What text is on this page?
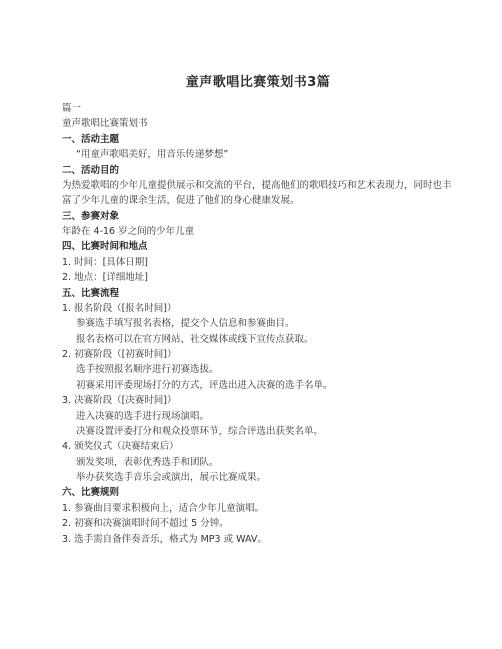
童声歌唱比赛策划书3篇
篇一
童声歌唱比赛策划书
一、活动主题
“用童声歌唱美好，用音乐传递梦想”
二、活动目的
为热爱歌唱的少年儿童提供展示和交流的平台，提高他们的歌唱技巧和艺术表现力，同时也丰富了少年儿童的课余生活，促进了他们的身心健康发展。
三、参赛对象
年龄在 4-16 岁之间的少年儿童
四、比赛时间和地点
1. 时间：[具体日期]
2. 地点：[详细地址]
五、比赛流程
1. 报名阶段（[报名时间]）
参赛选手填写报名表格，提交个人信息和参赛曲目。
报名表格可以在官方网站、社交媒体或线下宣传点获取。
2. 初赛阶段（[初赛时间]）
选手按照报名顺序进行初赛选拔。
初赛采用评委现场打分的方式，评选出进入决赛的选手名单。
3. 决赛阶段（[决赛时间]）
进入决赛的选手进行现场演唱。
决赛设置评委打分和观众投票环节，综合评选出获奖名单。
4. 颁奖仪式（决赛结束后）
颁发奖项，表彰优秀选手和团队。
举办获奖选手音乐会或演出，展示比赛成果。
六、比赛规则
1. 参赛曲目要求积极向上，适合少年儿童演唱。
2. 初赛和决赛演唱时间不超过 5 分钟。
3. 选手需自备伴奏音乐，格式为 MP3 或 WAV。
